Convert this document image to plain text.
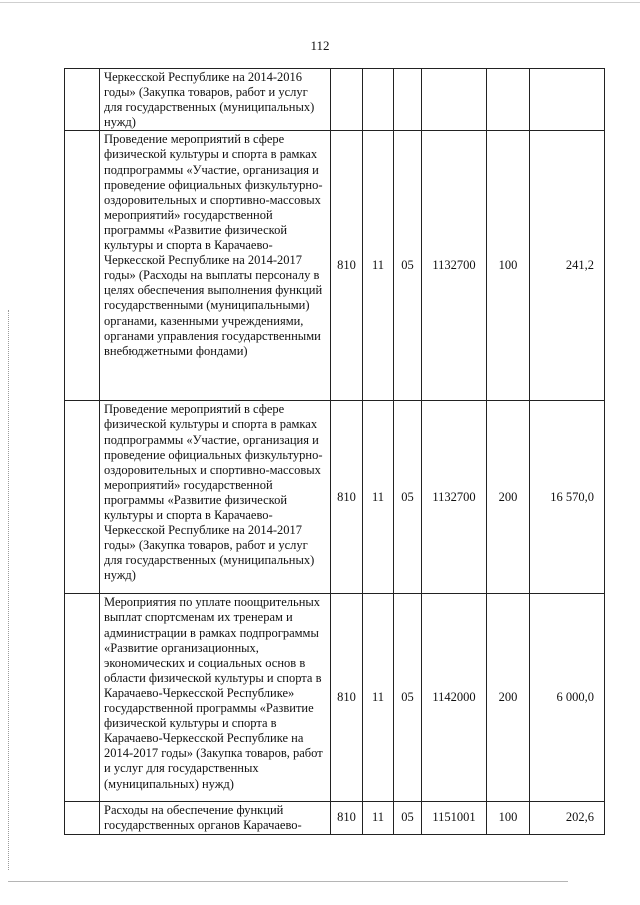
112
	Черкесской Республике на 2014-2016 годы» (Закупка товаров, работ и услуг для государственных (муниципальных) нужд)						
	Проведение мероприятий в сфере физической культуры и спорта в рамках подпрограммы «Участие, организация и проведение официальных физкультурно-оздоровительных и спортивно-массовых мероприятий» государственной программы «Развитие физической культуры и спорта в Карачаево-Черкесской Республике на 2014-2017 годы» (Расходы на выплаты персоналу в целях обеспечения выполнения функций государственными (муниципальными) органами, казенными учреждениями, органами управления государственными внебюджетными фондами)	810	11	05	1132700	100	241,2
	Проведение мероприятий в сфере физической культуры и спорта в рамках подпрограммы «Участие, организация и проведение официальных физкультурно-оздоровительных и спортивно-массовых мероприятий» государственной программы «Развитие физической культуры и спорта в Карачаево-Черкесской Республике на 2014-2017 годы» (Закупка товаров, работ и услуг для государственных (муниципальных) нужд)	810	11	05	1132700	200	16 570,0
	Мероприятия по уплате поощрительных выплат спортсменам их тренерам и администрации в рамках подпрограммы «Развитие организационных, экономических и социальных основ в области физической культуры и спорта в Карачаево-Черкесской Республике» государственной программы «Развитие физической культуры и спорта в Карачаево-Черкесской Республике на 2014-2017 годы» (Закупка товаров, работ и услуг для государственных (муниципальных) нужд)	810	11	05	1142000	200	6 000,0
	Расходы на обеспечение функций государственных органов Карачаево-	810	11	05	1151001	100	202,6
